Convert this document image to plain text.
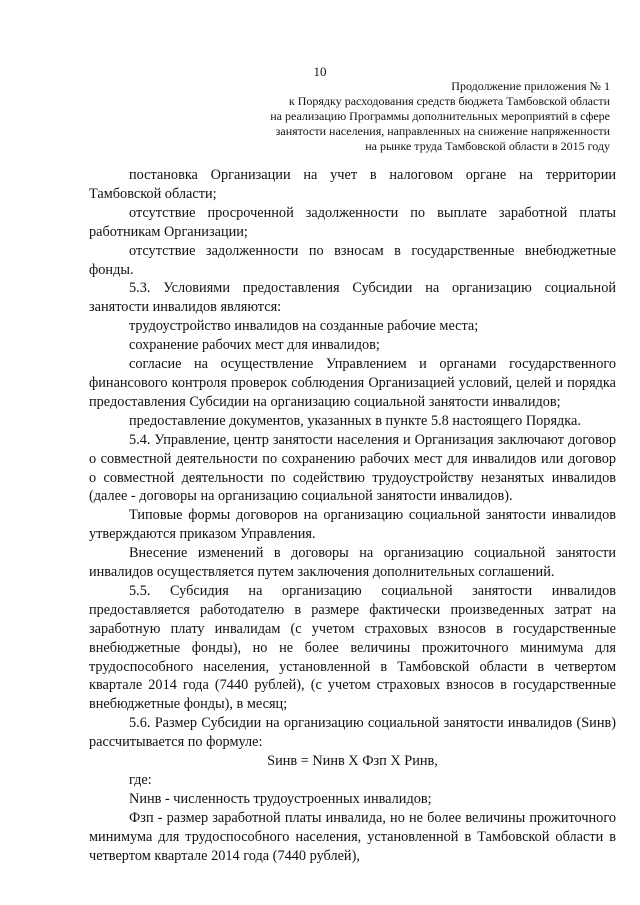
10
Продолжение приложения № 1
к Порядку расходования средств бюджета Тамбовской области
на реализацию Программы дополнительных мероприятий в сфере
занятости населения, направленных на снижение напряженности
на рынке труда Тамбовской области в 2015 году

постановка Организации на учет в налоговом органе на территории Тамбовской области;

отсутствие просроченной задолженности по выплате заработной платы работникам Организации;

отсутствие задолженности по взносам в государственные внебюджетные фонды.

5.3. Условиями предоставления Субсидии на организацию социальной занятости инвалидов являются:

трудоустройство инвалидов на созданные рабочие места;

сохранение рабочих мест для инвалидов;

согласие на осуществление Управлением и органами государственного финансового контроля проверок соблюдения Организацией условий, целей и порядка предоставления Субсидии на организацию социальной занятости инвалидов;

предоставление документов, указанных в пункте 5.8 настоящего Порядка.

5.4. Управление, центр занятости населения и Организация заключают договор о совместной деятельности по сохранению рабочих мест для инвалидов или договор о совместной деятельности по содействию трудоустройству незанятых инвалидов (далее - договоры на организацию социальной занятости инвалидов).

Типовые формы договоров на организацию социальной занятости инвалидов утверждаются приказом Управления.

Внесение изменений в договоры на организацию социальной занятости инвалидов осуществляется путем заключения дополнительных соглашений.

5.5. Субсидия на организацию социальной занятости инвалидов предоставляется работодателю в размере фактически произведенных затрат на заработную плату инвалидам (с учетом страховых взносов в государственные внебюджетные фонды), но не более величины прожиточного минимума для трудоспособного населения, установленной в Тамбовской области в четвертом квартале 2014 года (7440 рублей), (с учетом страховых взносов в государственные внебюджетные фонды), в месяц;

5.6. Размер Субсидии на организацию социальной занятости инвалидов (Sинв) рассчитывается по формуле:

Sинв = Nинв Х Фзп Х Ринв,

где:

Nинв - численность трудоустроенных инвалидов;

Фзп - размер заработной платы инвалида, но не более величины прожиточного минимума для трудоспособного населения, установленной в Тамбовской области в четвертом квартале 2014 года (7440 рублей),
